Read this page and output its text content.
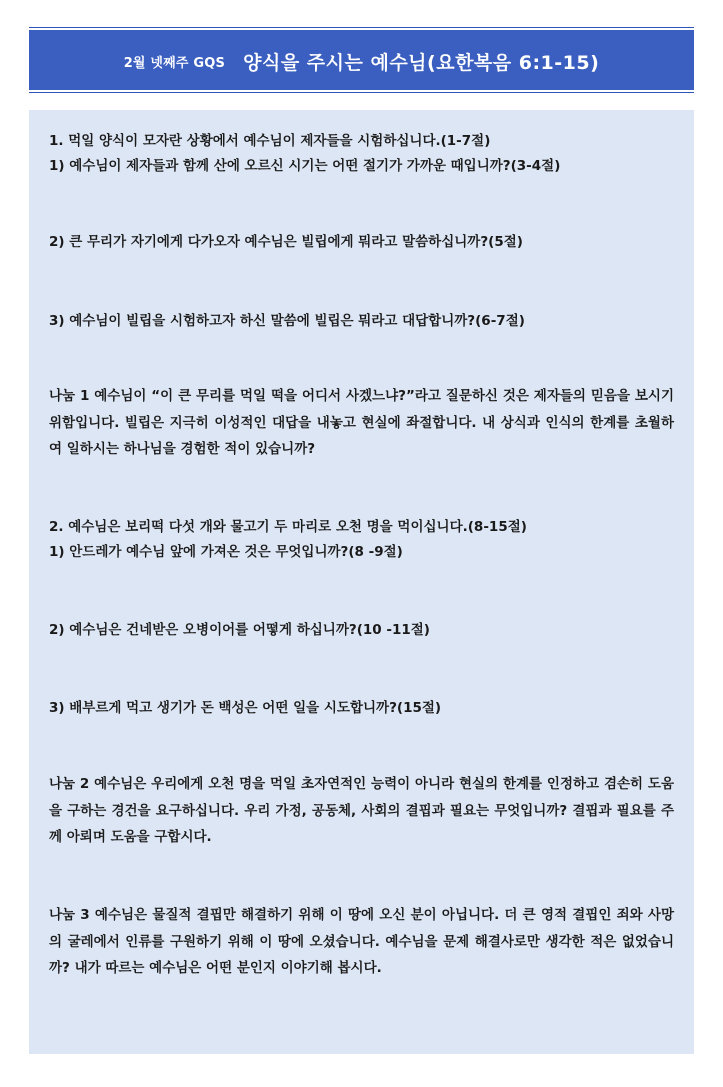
2월 넷째주 GQS 양식을 주시는 예수님(요한복음 6:1-15)
1. 먹일 양식이 모자란 상황에서 예수님이 제자들을 시험하십니다.(1-7절)
1) 예수님이 제자들과 함께 산에 오르신 시기는 어떤 절기가 가까운 때입니까?(3-4절)
2) 큰 무리가 자기에게 다가오자 예수님은 빌립에게 뭐라고 말씀하십니까?(5절)
3) 예수님이 빌립을 시험하고자 하신 말씀에 빌립은 뭐라고 대답합니까?(6-7절)
나눔 1 예수님이 “이 큰 무리를 먹일 떡을 어디서 사겠느냐?”라고 질문하신 것은 제자들의 믿음을 보시기 위함입니다. 빌립은 지극히 이성적인 대답을 내놓고 현실에 좌절합니다. 내 상식과 인식의 한계를 초월하여 일하시는 하나님을 경험한 적이 있습니까?
2. 예수님은 보리떡 다섯 개와 물고기 두 마리로 오천 명을 먹이십니다.(8-15절)
1) 안드레가 예수님 앞에 가져온 것은 무엇입니까?(8 -9절)
2) 예수님은 건네받은 오병이어를 어떻게 하십니까?(10 -11절)
3) 배부르게 먹고 생기가 돈 백성은 어떤 일을 시도합니까?(15절)
나눔 2 예수님은 우리에게 오천 명을 먹일 초자연적인 능력이 아니라 현실의 한계를 인정하고 겸손히 도움을 구하는 경건을 요구하십니다. 우리 가정, 공동체, 사회의 결핍과 필요는 무엇입니까? 결핍과 필요를 주께 아뢰며 도움을 구합시다.
나눔 3 예수님은 물질적 결핍만 해결하기 위해 이 땅에 오신 분이 아닙니다. 더 큰 영적 결핍인 죄와 사망의 굴레에서 인류를 구원하기 위해 이 땅에 오셨습니다. 예수님을 문제 해결사로만 생각한 적은 없었습니까? 내가 따르는 예수님은 어떤 분인지 이야기해 봅시다.
